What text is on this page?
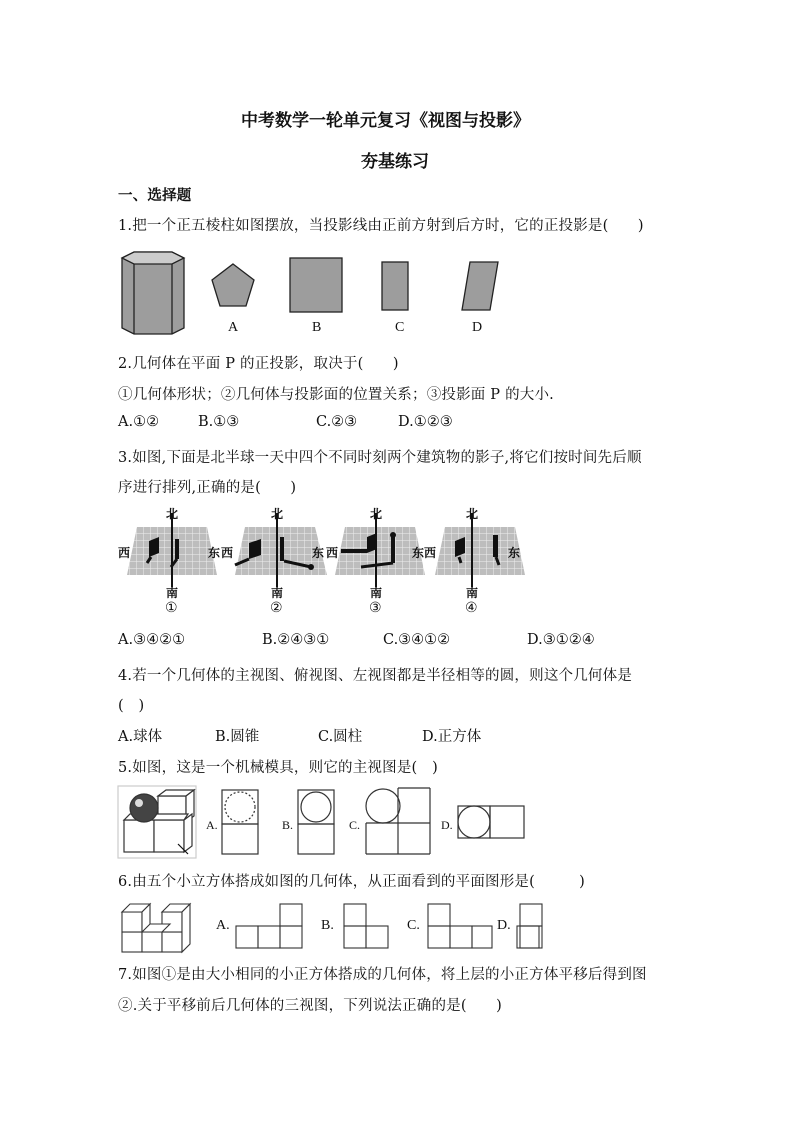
中考数学一轮单元复习《视图与投影》
夯基练习
一、选择题
1.把一个正五棱柱如图摆放，当投影线由正前方射到后方时，它的正投影是(　　)
A	B	C	D
2.几何体在平面 P 的正投影，取决于(　　)
①几何体形状；②几何体与投影面的位置关系；③投影面 P 的大小.
A.①②	B.①③	C.②③	D.①②③
3.如图,下面是北半球一天中四个不同时刻两个建筑物的影子,将它们按时间先后顺
序进行排列,正确的是(　　)
北
西	东
南
①
北
西	东
南
②
北
西	东
南
③
北
西	东
南
④
A.③④②①	B.②④③①	C.③④①②	D.③①②④
4.若一个几何体的主视图、俯视图、左视图都是半径相等的圆，则这个几何体是
(　)
A.球体	B.圆锥	C.圆柱	D.正方体
5.如图，这是一个机械模具，则它的主视图是(　)
A.	B.	C.	D.
6.由五个小立方体搭成如图的几何体，从正面看到的平面图形是(　　　)
A.	B.	C.	D.
7.如图①是由大小相同的小正方体搭成的几何体，将上层的小正方体平移后得到图
②.关于平移前后几何体的三视图，下列说法正确的是(　　)
